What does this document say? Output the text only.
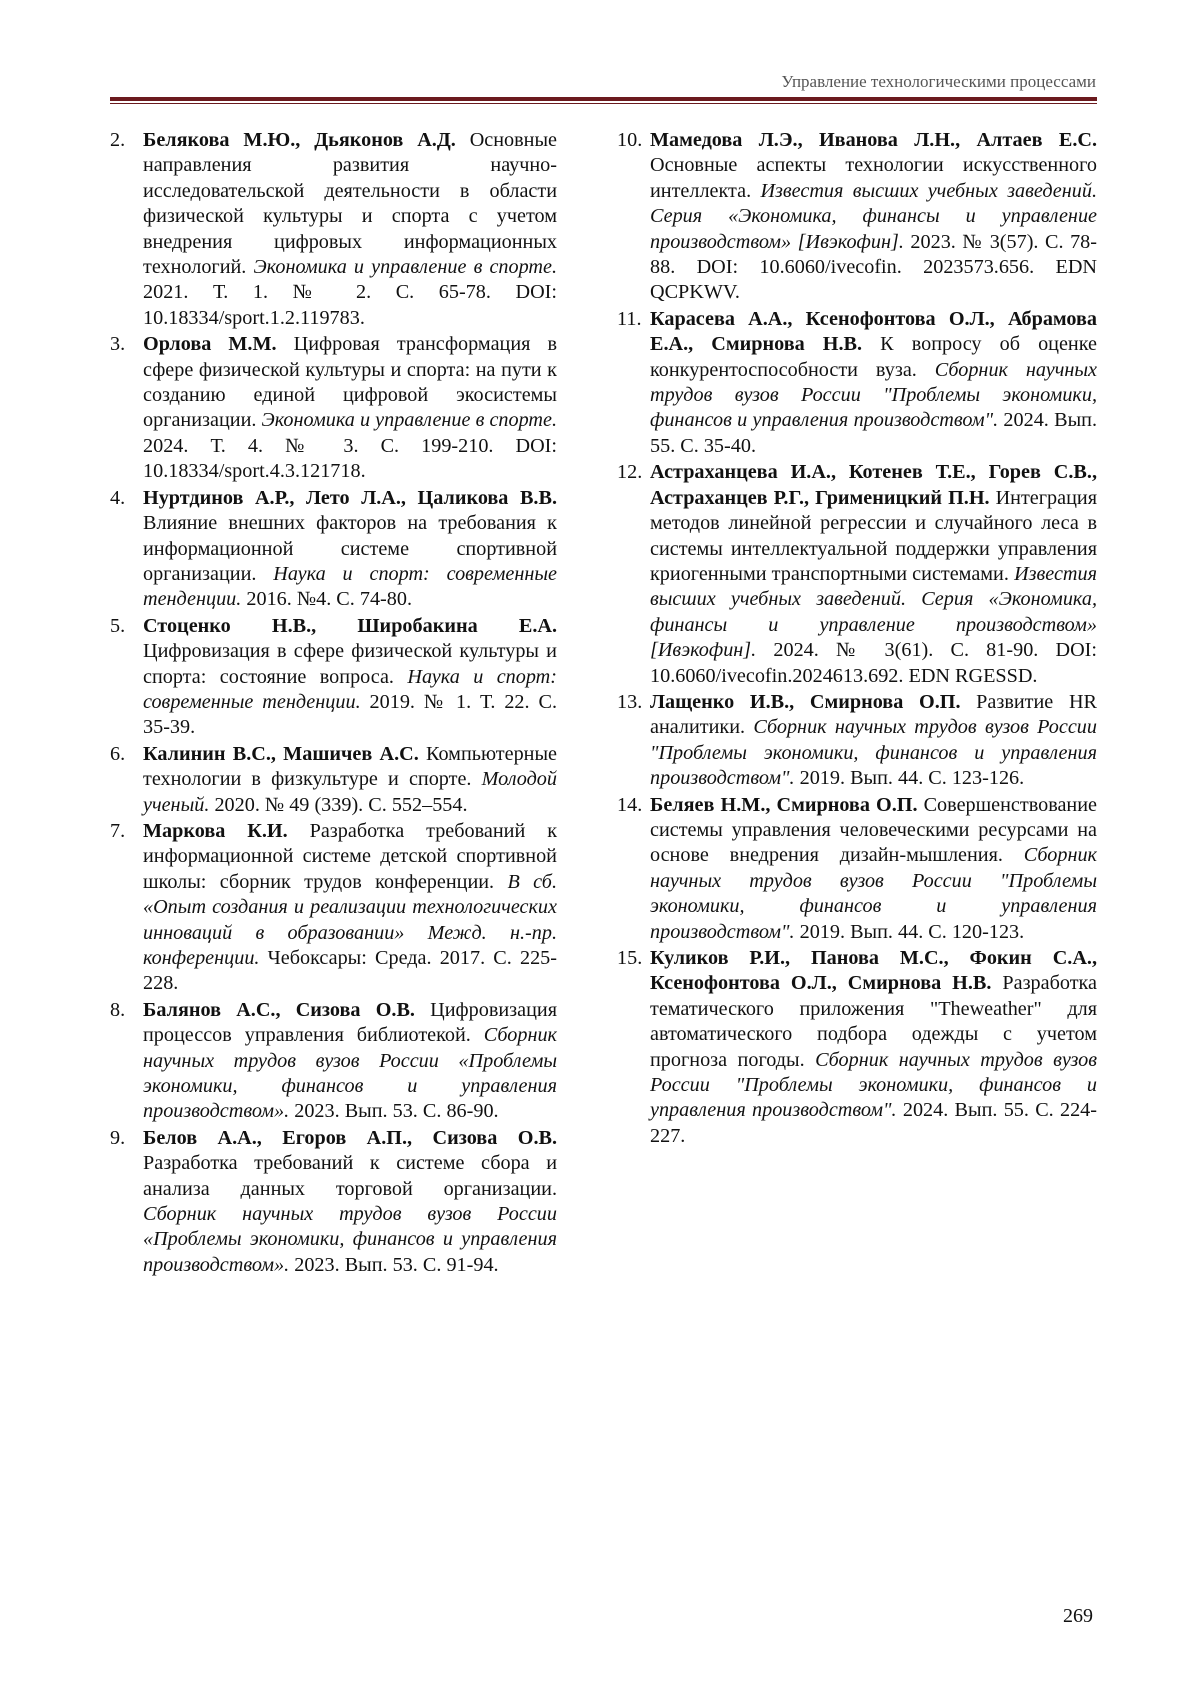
Управление технологическими процессами
2. Белякова М.Ю., Дьяконов А.Д. Основные направления развития научно-исследовательской деятельности в области физической культуры и спорта с учетом внедрения цифровых информационных технологий. Экономика и управление в спорте. 2021. Т. 1. № 2. С. 65-78. DOI: 10.18334/sport.1.2.119783.
3. Орлова М.М. Цифровая трансформация в сфере физической культуры и спорта: на пути к созданию единой цифровой экосистемы организации. Экономика и управление в спорте. 2024. Т. 4. № 3. С. 199-210. DOI: 10.18334/sport.4.3.121718.
4. Нуртдинов А.Р., Лето Л.А., Цаликова В.В. Влияние внешних факторов на требования к информационной системе спортивной организации. Наука и спорт: современные тенденции. 2016. №4. С. 74-80.
5. Стоценко Н.В., Широбакина Е.А. Цифровизация в сфере физической культуры и спорта: состояние вопроса. Наука и спорт: современные тенденции. 2019. № 1. Т. 22. С. 35-39.
6. Калинин В.С., Машичев А.С. Компьютерные технологии в физкультуре и спорте. Молодой ученый. 2020. № 49 (339). С. 552–554.
7. Маркова К.И. Разработка требований к информационной системе детской спортивной школы: сборник трудов конференции. В сб. «Опыт создания и реализации технологических инноваций в образовании» Межд. н.-пр. конференции. Чебоксары: Среда. 2017. С. 225-228.
8. Балянов А.С., Сизова О.В. Цифровизация процессов управления библиотекой. Сборник научных трудов вузов России «Проблемы экономики, финансов и управления производством». 2023. Вып. 53. С. 86-90.
9. Белов А.А., Егоров А.П., Сизова О.В. Разработка требований к системе сбора и анализа данных торговой организации. Сборник научных трудов вузов России «Проблемы экономики, финансов и управления производством». 2023. Вып. 53. С. 91-94.
10. Мамедова Л.Э., Иванова Л.Н., Алтаев Е.С. Основные аспекты технологии искусственного интеллекта. Известия высших учебных заведений. Серия «Экономика, финансы и управление производством» [Ивэкофин]. 2023. № 3(57). С. 78-88. DOI: 10.6060/ivecofin. 2023573.656. EDN QCPKWV.
11. Карасева А.А., Ксенофонтова О.Л., Абрамова Е.А., Смирнова Н.В. К вопросу об оценке конкурентоспособности вуза. Сборник научных трудов вузов России "Проблемы экономики, финансов и управления производством". 2024. Вып. 55. С. 35-40.
12. Астраханцева И.А., Котенев Т.Е., Горев С.В., Астраханцев Р.Г., Грименицкий П.Н. Интеграция методов линейной регрессии и случайного леса в системы интеллектуальной поддержки управления криогенными транспортными системами. Известия высших учебных заведений. Серия «Экономика, финансы и управление производством» [Ивэкофин]. 2024. № 3(61). С. 81-90. DOI: 10.6060/ivecofin.2024613.692. EDN RGESSD.
13. Лащенко И.В., Смирнова О.П. Развитие HR аналитики. Сборник научных трудов вузов России "Проблемы экономики, финансов и управления производством". 2019. Вып. 44. С. 123-126.
14. Беляев Н.М., Смирнова О.П. Совершенствование системы управления человеческими ресурсами на основе внедрения дизайн-мышления. Сборник научных трудов вузов России "Проблемы экономики, финансов и управления производством". 2019. Вып. 44. С. 120-123.
15. Куликов Р.И., Панова М.С., Фокин С.А., Ксенофонтова О.Л., Смирнова Н.В. Разработка тематического приложения "Theweather" для автоматического подбора одежды с учетом прогноза погоды. Сборник научных трудов вузов России "Проблемы экономики, финансов и управления производством". 2024. Вып. 55. С. 224-227.
269
